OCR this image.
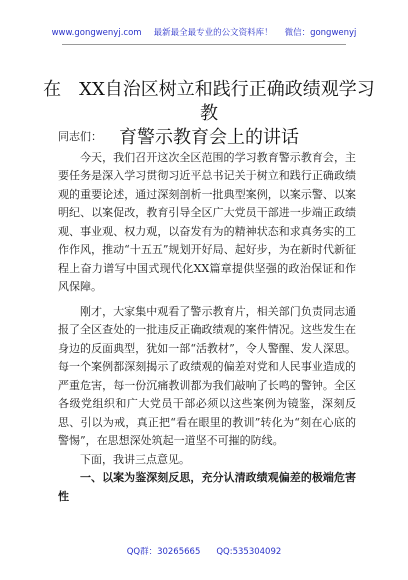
www.gongwenyj.com 最新最全最专业的公文资料库！ 微信：gongwenyj
在　XX自治区树立和践行正确政绩观学习教
育警示教育会上的讲话

同志们：

今天，我们召开这次全区范围的学习教育警示教育会，主要任务是深入学习贯彻习近平总书记关于树立和践行正确政绩观的重要论述，通过深刻剖析一批典型案例，以案示警、以案明纪、以案促改，教育引导全区广大党员干部进一步端正政绩观、事业观、权力观，以奋发有为的精神状态和求真务实的工作作风，推动“十五五”规划开好局、起好步，为在新时代新征程上奋力谱写中国式现代化XX篇章提供坚强的政治保证和作风保障。

刚才，大家集中观看了警示教育片，相关部门负责同志通报了全区查处的一批违反正确政绩观的案件情况。这些发生在身边的反面典型，犹如一部“活教材”，令人警醒、发人深思。每一个案例都深刻揭示了政绩观的偏差对党和人民事业造成的严重危害，每一份沉痛教训都为我们敲响了长鸣的警钟。全区各级党组织和广大党员干部必须以这些案例为镜鉴，深刻反思、引以为戒，真正把“看在眼里的教训”转化为“刻在心底的警惕”，在思想深处筑起一道坚不可摧的防线。

下面，我讲三点意见。

一、以案为鉴深刻反思，充分认清政绩观偏差的极端危害性

QQ群：30265665 QQ:535304092
